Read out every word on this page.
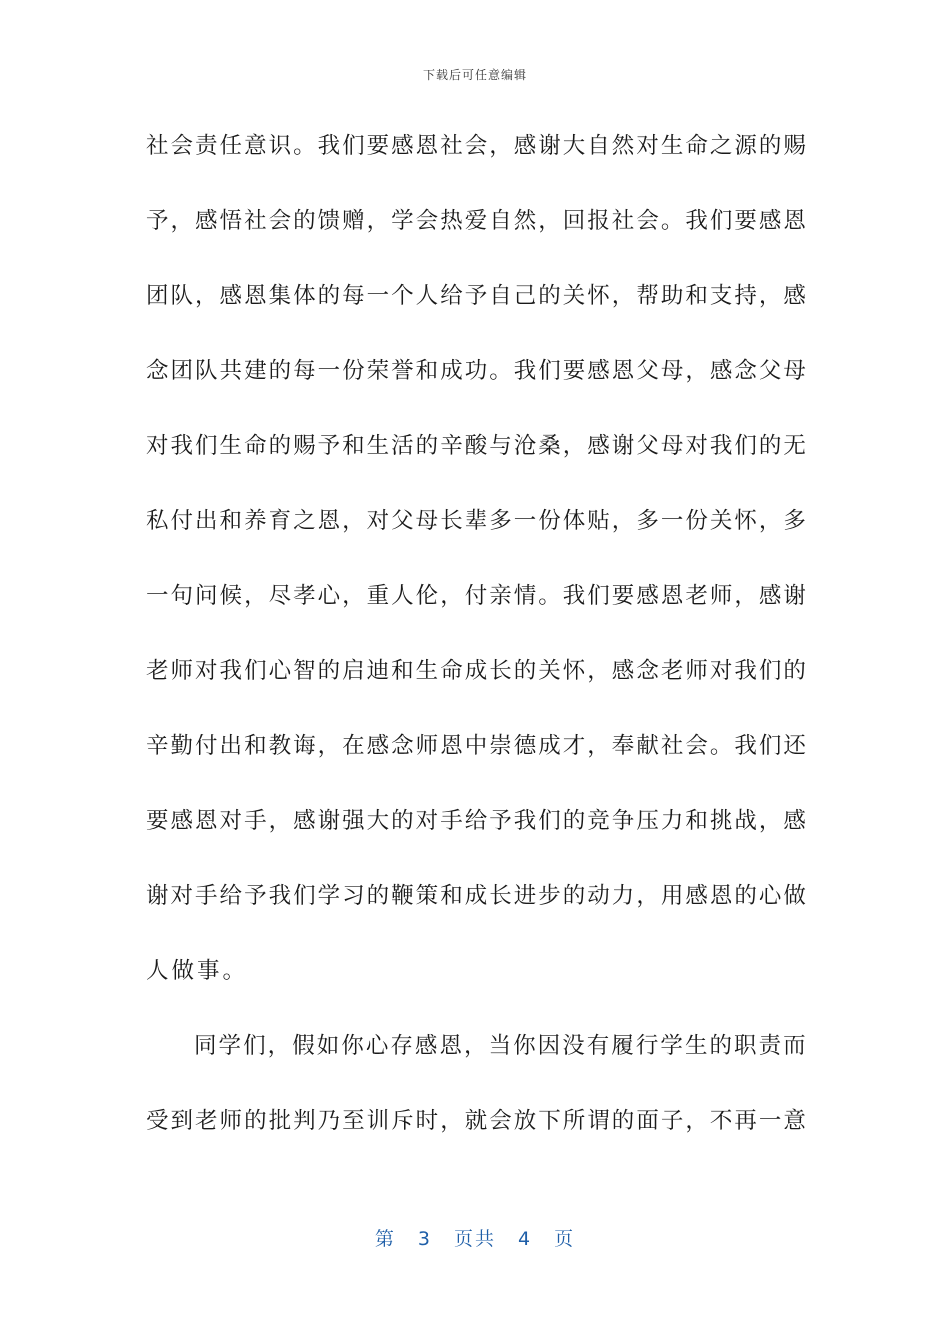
下载后可任意编辑
社 会 责 任 意 识 。 我 们 要 感 恩 社 会 ， 感 谢 大 自 然 对 生 命 之 源 的 赐
予 ， 感 悟 社 会 的 馈 赠 ， 学 会 热 爱 自 然 ， 回 报 社 会 。 我 们 要 感 恩
团 队 ， 感 恩 集 体 的 每 一 个 人 给 予 自 己 的 关 怀 ， 帮 助 和 支 持 ， 感
念 团 队 共 建 的 每 一 份 荣 誉 和 成 功 。 我 们 要 感 恩 父 母 ， 感 念 父 母
对 我 们 生 命 的 赐 予 和 生 活 的 辛 酸 与 沧 桑 ， 感 谢 父 母 对 我 们 的 无
私 付 出 和 养 育 之 恩 ， 对 父 母 长 辈 多 一 份 体 贴 ， 多 一 份 关 怀 ， 多
一 句 问 候 ， 尽 孝 心 ， 重 人 伦 ， 付 亲 情 。 我 们 要 感 恩 老 师 ， 感 谢
老 师 对 我 们 心 智 的 启 迪 和 生 命 成 长 的 关 怀 ， 感 念 老 师 对 我 们 的
辛 勤 付 出 和 教 诲 ， 在 感 念 师 恩 中 崇 德 成 才 ， 奉 献 社 会 。 我 们 还
要 感 恩 对 手 ， 感 谢 强 大 的 对 手 给 予 我 们 的 竞 争 压 力 和 挑 战 ， 感
谢 对 手 给 予 我 们 学 习 的 鞭 策 和 成 长 进 步 的 动 力 ， 用 感 恩 的 心 做
人做事。
同 学 们 ， 假 如 你 心 存 感 恩 ， 当 你 因 没 有 履 行 学 生 的 职 责 而
受 到 老 师 的 批 判 乃 至 训 斥 时 ， 就 会 放 下 所 谓 的 面 子 ， 不 再 一 意
第 3 页共 4 页
